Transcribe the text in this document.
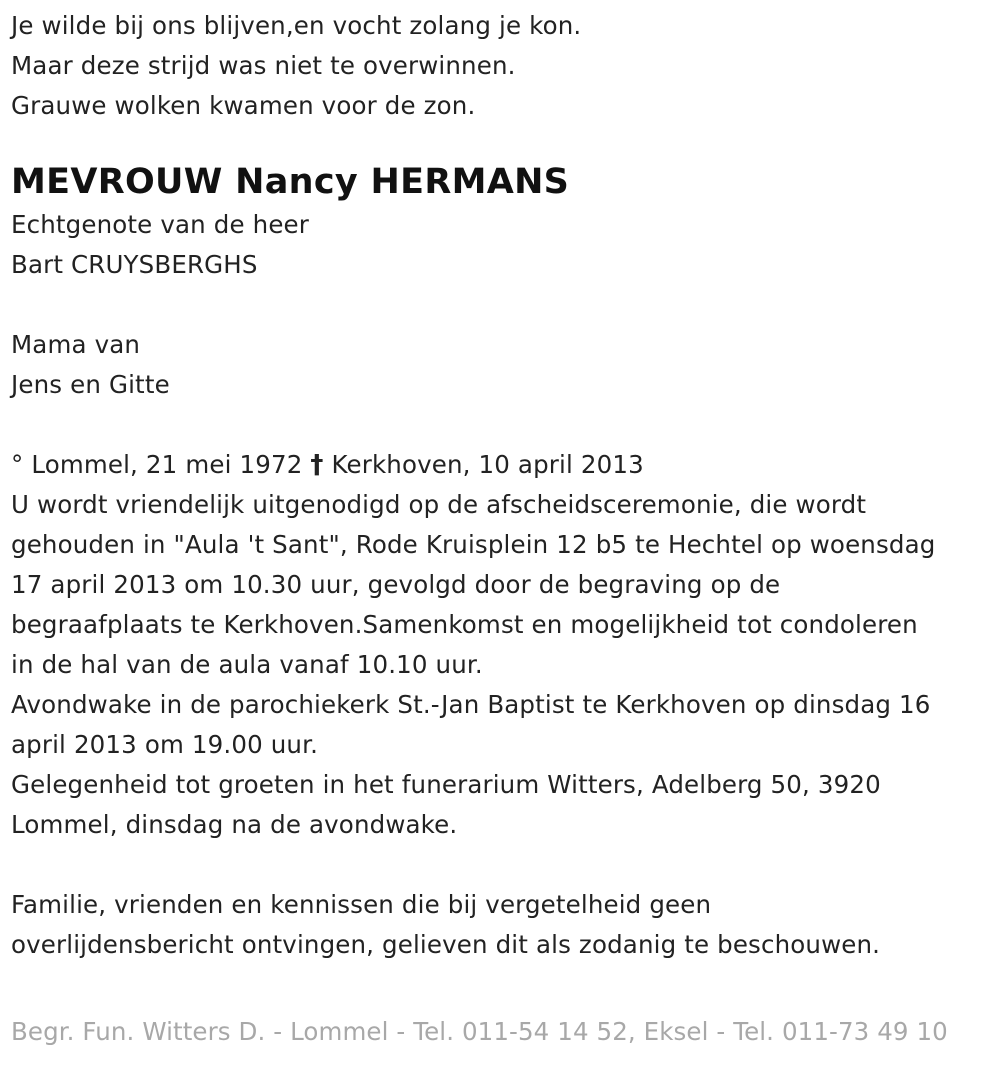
Je wilde bij ons blijven,en vocht zolang je kon.
Maar deze strijd was niet te overwinnen.
Grauwe wolken kwamen voor de zon.
MEVROUW Nancy HERMANS
Echtgenote van de heer
Bart CRUYSBERGHS
Mama van
Jens en Gitte
° Lommel, 21 mei 1972 † Kerkhoven, 10 april 2013
U wordt vriendelijk uitgenodigd op de afscheidsceremonie, die wordt
gehouden in "Aula 't Sant", Rode Kruisplein 12 b5 te Hechtel op woensdag
17 april 2013 om 10.30 uur, gevolgd door de begraving op de
begraafplaats te Kerkhoven.Samenkomst en mogelijkheid tot condoleren
in de hal van de aula vanaf 10.10 uur.
Avondwake in de parochiekerk St.-Jan Baptist te Kerkhoven op dinsdag 16
april 2013 om 19.00 uur.
Gelegenheid tot groeten in het funerarium Witters, Adelberg 50, 3920
Lommel, dinsdag na de avondwake.
Familie, vrienden en kennissen die bij vergetelheid geen
overlijdensbericht ontvingen, gelieven dit als zodanig te beschouwen.
Begr. Fun. Witters D. - Lommel - Tel. 011-54 14 52, Eksel - Tel. 011-73 49 10
